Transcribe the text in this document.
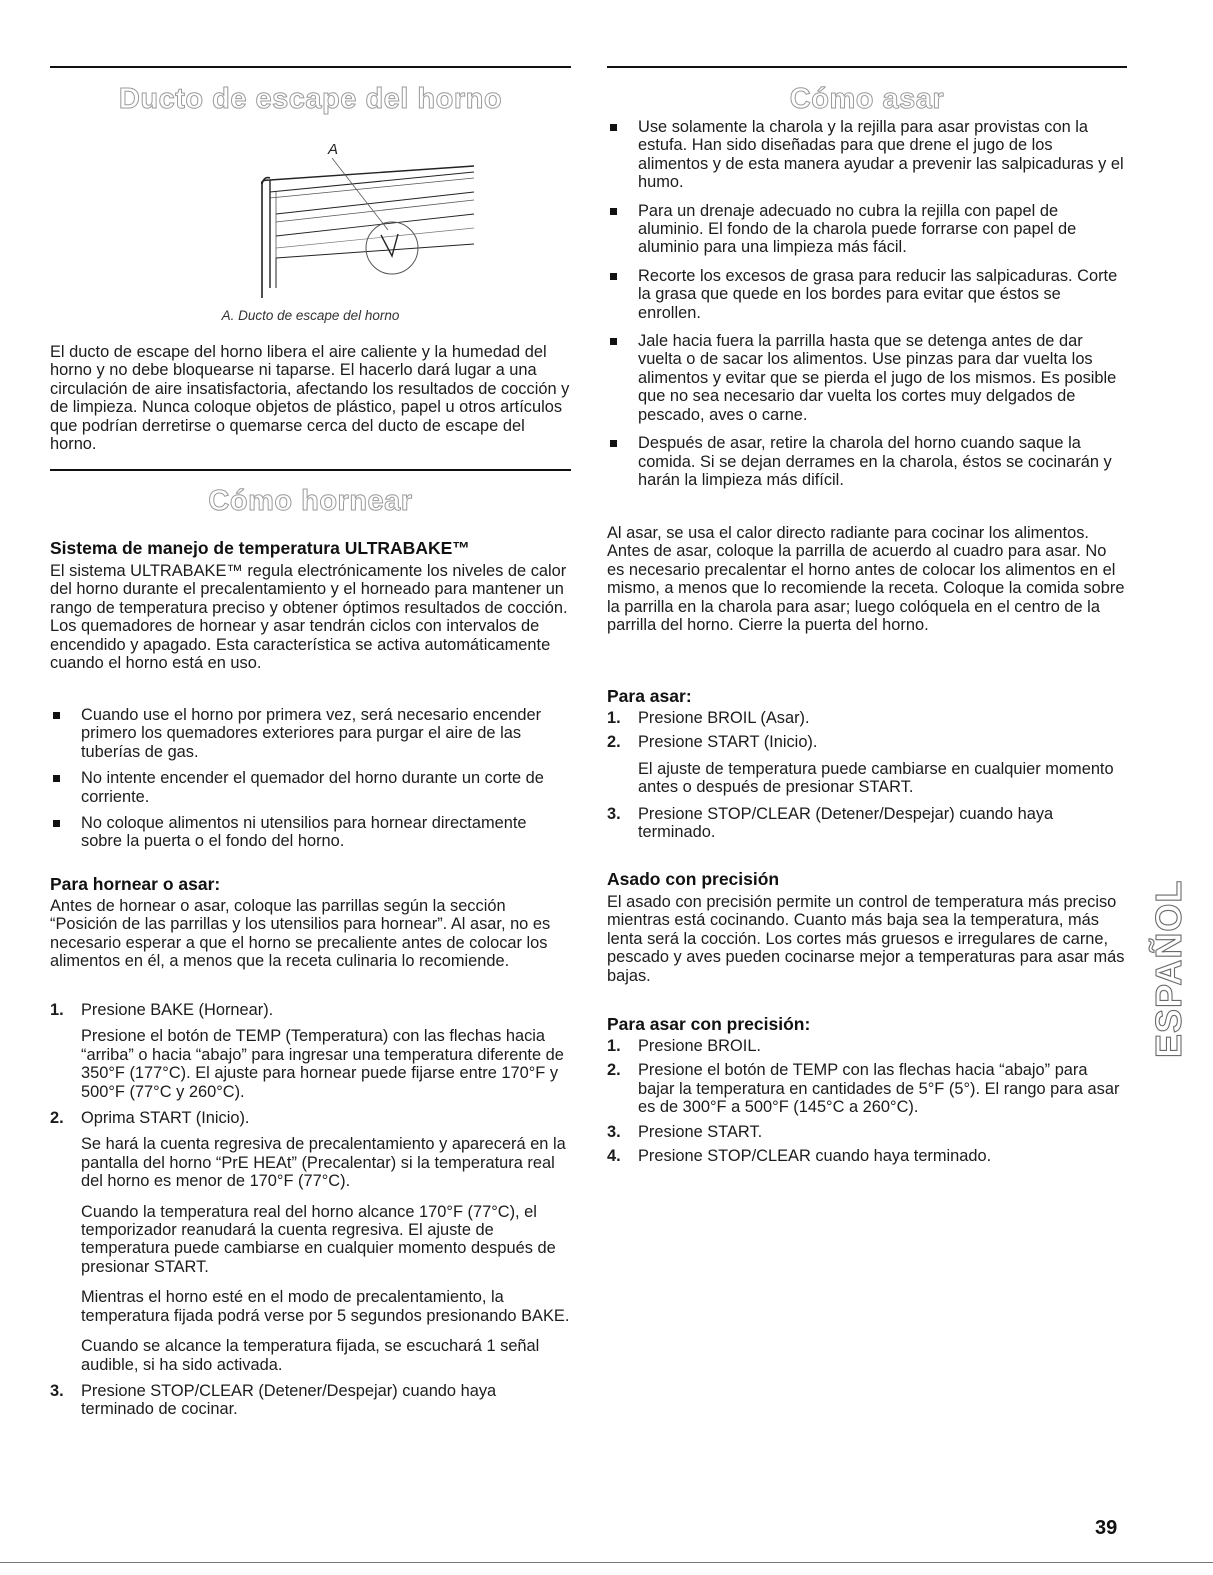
Ducto de escape del horno
A
A. Ducto de escape del horno

El ducto de escape del horno libera el aire caliente y la humedad del horno y no debe bloquearse ni taparse. El hacerlo dará lugar a una circulación de aire insatisfactoria, afectando los resultados de cocción y de limpieza. Nunca coloque objetos de plástico, papel u otros artículos que podrían derretirse o quemarse cerca del ducto de escape del horno.

Cómo hornear
Sistema de manejo de temperatura ULTRABAKE™

El sistema ULTRABAKE™ regula electrónicamente los niveles de calor del horno durante el precalentamiento y el horneado para mantener un rango de temperatura preciso y obtener óptimos resultados de cocción. Los quemadores de hornear y asar tendrán ciclos con intervalos de encendido y apagado. Esta característica se activa automáticamente cuando el horno está en uso.

Cuando use el horno por primera vez, será necesario encender primero los quemadores exteriores para purgar el aire de las tuberías de gas.
No intente encender el quemador del horno durante un corte de corriente.
No coloque alimentos ni utensilios para hornear directamente sobre la puerta o el fondo del horno.
Para hornear o asar:

Antes de hornear o asar, coloque las parrillas según la sección “Posición de las parrillas y los utensilios para hornear”. Al asar, no es necesario esperar a que el horno se precaliente antes de colocar los alimentos en él, a menos que la receta culinaria lo recomiende.

1. Presione BAKE (Hornear).
Presione el botón de TEMP (Temperatura) con las flechas hacia “arriba” o hacia “abajo” para ingresar una temperatura diferente de 350°F (177°C). El ajuste para hornear puede fijarse entre 170°F y 500°F (77°C y 260°C).
2. Oprima START (Inicio).
Se hará la cuenta regresiva de precalentamiento y aparecerá en la pantalla del horno “PrE HEAt” (Precalentar) si la temperatura real del horno es menor de 170°F (77°C).
Cuando la temperatura real del horno alcance 170°F (77°C), el temporizador reanudará la cuenta regresiva. El ajuste de temperatura puede cambiarse en cualquier momento después de presionar START.
Mientras el horno esté en el modo de precalentamiento, la temperatura fijada podrá verse por 5 segundos presionando BAKE.
Cuando se alcance la temperatura fijada, se escuchará 1 señal audible, si ha sido activada.
3. Presione STOP/CLEAR (Detener/Despejar) cuando haya terminado de cocinar.
Cómo asar
Use solamente la charola y la rejilla para asar provistas con la estufa. Han sido diseñadas para que drene el jugo de los alimentos y de esta manera ayudar a prevenir las salpicaduras y el humo.
Para un drenaje adecuado no cubra la rejilla con papel de aluminio. El fondo de la charola puede forrarse con papel de aluminio para una limpieza más fácil.
Recorte los excesos de grasa para reducir las salpicaduras. Corte la grasa que quede en los bordes para evitar que éstos se enrollen.
Jale hacia fuera la parrilla hasta que se detenga antes de dar vuelta o de sacar los alimentos. Use pinzas para dar vuelta los alimentos y evitar que se pierda el jugo de los mismos. Es posible que no sea necesario dar vuelta los cortes muy delgados de pescado, aves o carne.
Después de asar, retire la charola del horno cuando saque la comida. Si se dejan derrames en la charola, éstos se cocinarán y harán la limpieza más difícil.

Al asar, se usa el calor directo radiante para cocinar los alimentos. Antes de asar, coloque la parrilla de acuerdo al cuadro para asar. No es necesario precalentar el horno antes de colocar los alimentos en el mismo, a menos que lo recomiende la receta. Coloque la comida sobre la parrilla en la charola para asar; luego colóquela en el centro de la parrilla del horno. Cierre la puerta del horno.

Para asar:
1. Presione BROIL (Asar).
2. Presione START (Inicio).
El ajuste de temperatura puede cambiarse en cualquier momento antes o después de presionar START.
3. Presione STOP/CLEAR (Detener/Despejar) cuando haya terminado.
Asado con precisión

El asado con precisión permite un control de temperatura más preciso mientras está cocinando. Cuanto más baja sea la temperatura, más lenta será la cocción. Los cortes más gruesos e irregulares de carne, pescado y aves pueden cocinarse mejor a temperaturas para asar más bajas.

Para asar con precisión:
1. Presione BROIL.
2. Presione el botón de TEMP con las flechas hacia “abajo” para bajar la temperatura en cantidades de 5°F (5°). El rango para asar es de 300°F a 500°F (145°C a 260°C).
3. Presione START.
4. Presione STOP/CLEAR cuando haya terminado.
ESPAÑOL
39
